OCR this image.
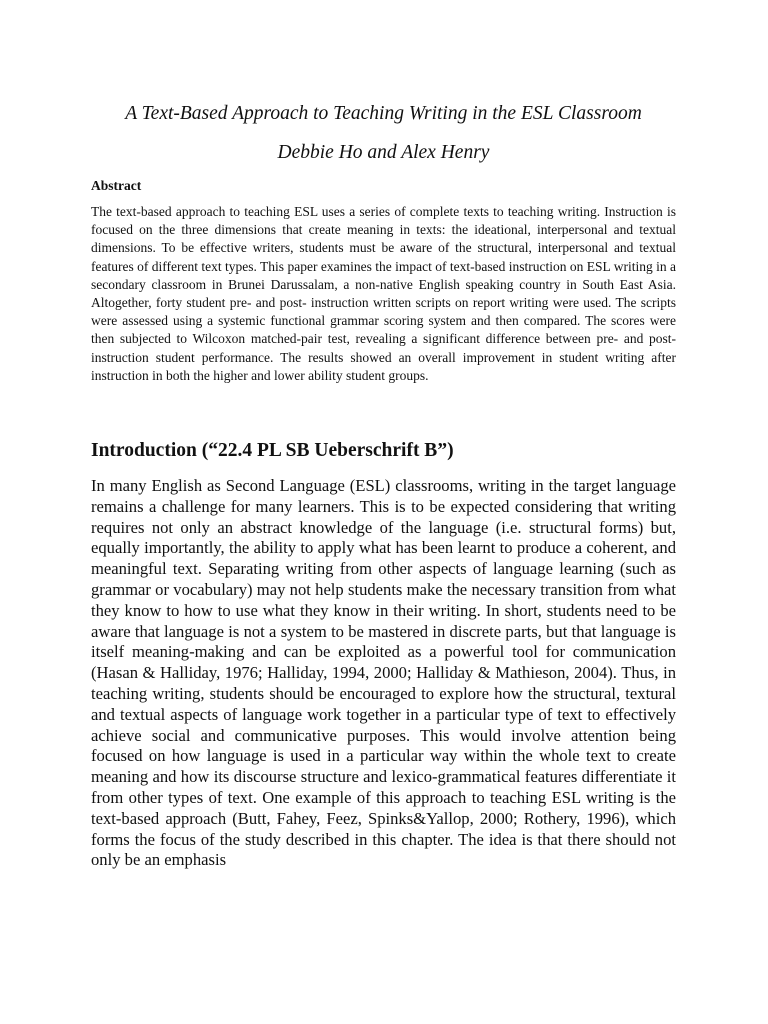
A Text-Based Approach to Teaching Writing in the ESL Classroom

Debbie Ho and Alex Henry

Abstract

The text-based approach to teaching ESL uses a series of complete texts to teaching writing. Instruction is focused on the three dimensions that create meaning in texts: the ideational, interpersonal and textual dimensions. To be effective writers, students must be aware of the structural, interpersonal and textual features of different text types. This paper examines the impact of text-based instruction on ESL writing in a secondary classroom in Brunei Darussalam, a non-native English speaking country in South East Asia. Altogether, forty student pre- and post- instruction written scripts on report writing were used. The scripts were assessed using a systemic functional grammar scoring system and then compared. The scores were then subjected to Wilcoxon matched-pair test, revealing a significant difference between pre- and post- instruction student performance. The results showed an overall improvement in student writing after instruction in both the higher and lower ability student groups.

Introduction (“22.4 PL SB Ueberschrift B”)

In many English as Second Language (ESL) classrooms, writing in the target language remains a challenge for many learners. This is to be expected considering that writing requires not only an abstract knowledge of the language (i.e. structural forms) but, equally importantly, the ability to apply what has been learnt to produce a coherent, and meaningful text. Separating writing from other aspects of language learning (such as grammar or vocabulary) may not help students make the necessary transition from what they know to how to use what they know in their writing. In short, students need to be aware that language is not a system to be mastered in discrete parts, but that language is itself meaning-making and can be exploited as a powerful tool for communication (Hasan & Halliday, 1976; Halliday, 1994, 2000; Halliday & Mathieson, 2004). Thus, in teaching writing, students should be encouraged to explore how the structural, textural and textual aspects of language work together in a particular type of text to effectively achieve social and communicative purposes. This would involve attention being focused on how language is used in a particular way within the whole text to create meaning and how its discourse structure and lexico-grammatical features differentiate it from other types of text. One example of this approach to teaching ESL writing is the text-based approach (Butt, Fahey, Feez, Spinks&Yallop, 2000; Rothery, 1996), which forms the focus of the study described in this chapter. The idea is that there should not only be an emphasis
